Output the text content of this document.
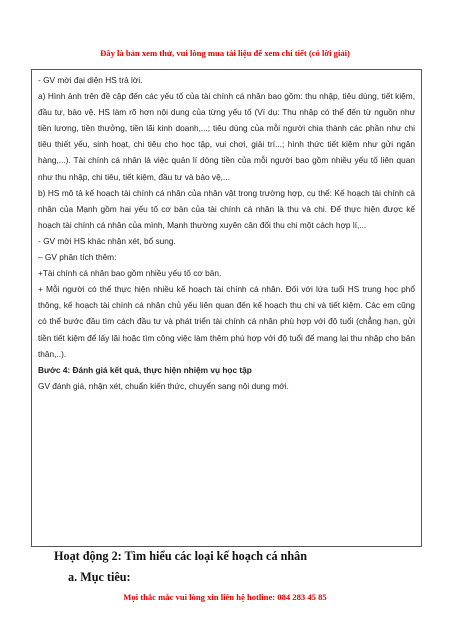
Đây là bản xem thử, vui lòng mua tài liệu để xem chi tiết (có lời giải)

- GV mời đại diện HS trả lời.

a) Hình ảnh trên đề cập đến các yếu tố của tài chính cá nhân bao gồm: thu nhập, tiêu dùng, tiết kiệm, đầu tư, bảo vệ. HS làm rõ hơn nội dung của từng yếu tố (Ví dụ: Thu nhập có thể đến từ nguồn như tiền lương, tiền thưởng, tiền lãi kinh doanh,...; tiêu dùng của mỗi người chia thành các phần như chi tiêu thiết yếu, sinh hoạt, chi tiêu cho học tập, vui chơi, giải trí...; hình thức tiết kiệm như gửi ngân hàng,...). Tài chính cá nhân là việc quản lí dòng tiền của mỗi người bao gồm nhiều yếu tố liên quan như thu nhập, chi tiêu, tiết kiệm, đầu tư và bảo vệ,...

b) HS mô tả kế hoạch tài chính cá nhân của nhân vật trong trường hợp, cụ thể: Kế hoạch tài chính cá nhân của Mạnh gồm hai yếu tố cơ bản của tài chính cá nhân là thu và chi. Để thực hiện được kế hoạch tài chính cá nhân của mình, Mạnh thường xuyên cân đối thu chi một cách hợp lí,...

- GV mời HS khác nhận xét, bổ sung.

– GV phân tích thêm:

+Tài chính cá nhân bao gồm nhiều yếu tố cơ bản.

+ Mỗi người có thể thực hiện nhiều kế hoạch tài chính cá nhân. Đối với lứa tuổi HS trung học phổ thông, kế hoạch tài chính cá nhân chủ yếu liên quan đến kế hoạch thu chi và tiết kiệm. Các em cũng có thể bước đầu tìm cách đầu tư và phát triển tài chính cá nhân phù hợp với độ tuổi (chẳng hạn, gửi tiền tiết kiệm để lấy lãi hoặc tìm công việc làm thêm phù hợp với độ tuổi để mang lại thu nhập cho bản thân,..).

Bước 4: Đánh giá kết quả, thực hiện nhiệm vụ học tập

GV đánh giá, nhận xét, chuẩn kiến thức, chuyển sang nội dung mới.

Hoạt động 2: Tìm hiểu các loại kế hoạch cá nhân
a. Mục tiêu:
Mọi thắc mắc vui lòng xin liên hệ hotline: 084 283 45 85
